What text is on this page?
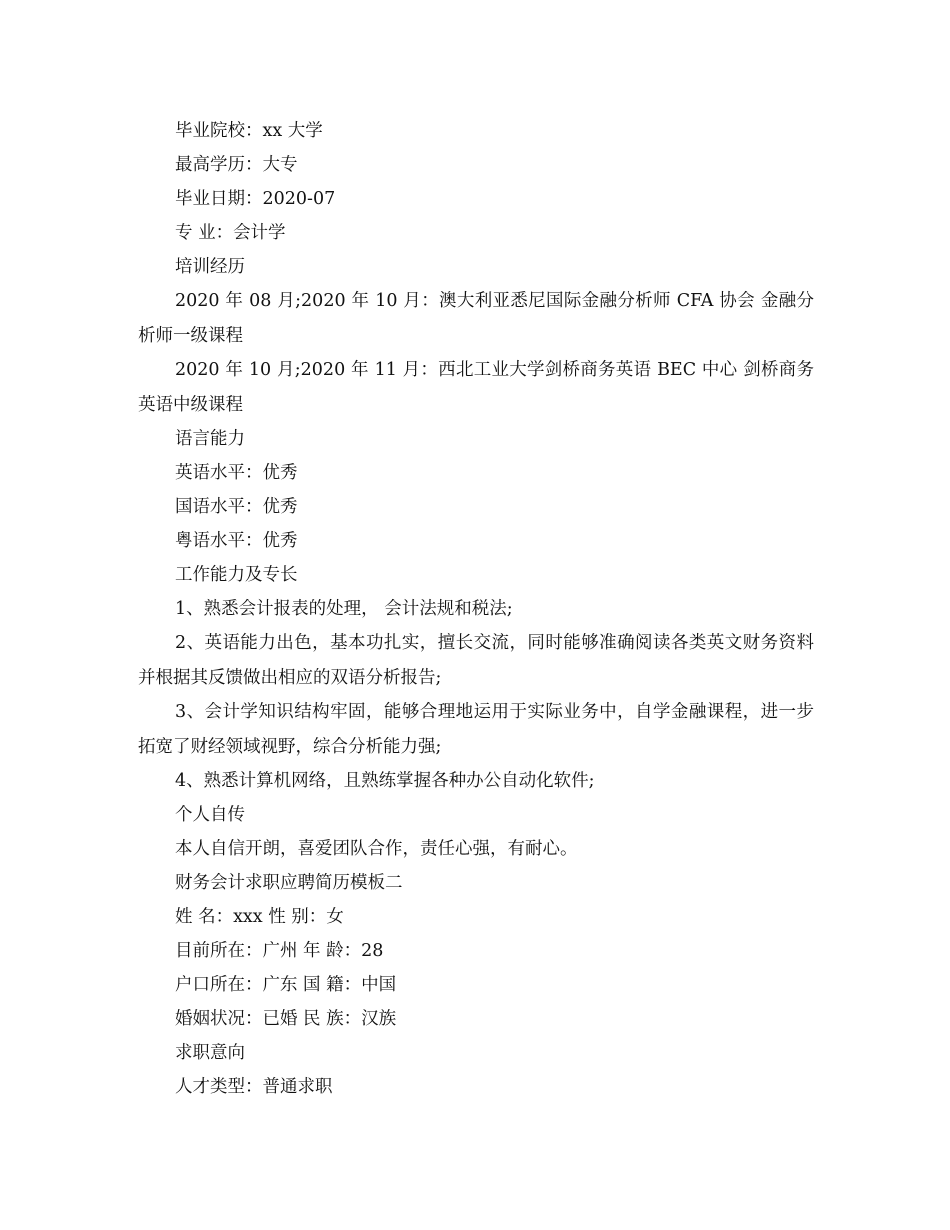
毕业院校：xx 大学
最高学历：大专
毕业日期：2020-07
专 业：会计学
培训经历

2020 年 08 月;2020 年 10 月：澳大利亚悉尼国际金融分析师 CFA 协会 金融分析师一级课程

2020 年 10 月;2020 年 11 月：西北工业大学剑桥商务英语 BEC 中心 剑桥商务英语中级课程

语言能力
英语水平：优秀
国语水平：优秀
粤语水平：优秀
工作能力及专长
1、熟悉会计报表的处理， 会计法规和税法;

2、英语能力出色，基本功扎实，擅长交流，同时能够准确阅读各类英文财务资料并根据其反馈做出相应的双语分析报告;

3、会计学知识结构牢固，能够合理地运用于实际业务中，自学金融课程，进一步拓宽了财经领域视野，综合分析能力强;

4、熟悉计算机网络，且熟练掌握各种办公自动化软件;
个人自传
本人自信开朗，喜爱团队合作，责任心强，有耐心。
财务会计求职应聘简历模板二
姓 名：xxx 性 别：女
目前所在：广州 年 龄：28
户口所在：广东 国 籍：中国
婚姻状况：已婚 民 族：汉族
求职意向
人才类型：普通求职
